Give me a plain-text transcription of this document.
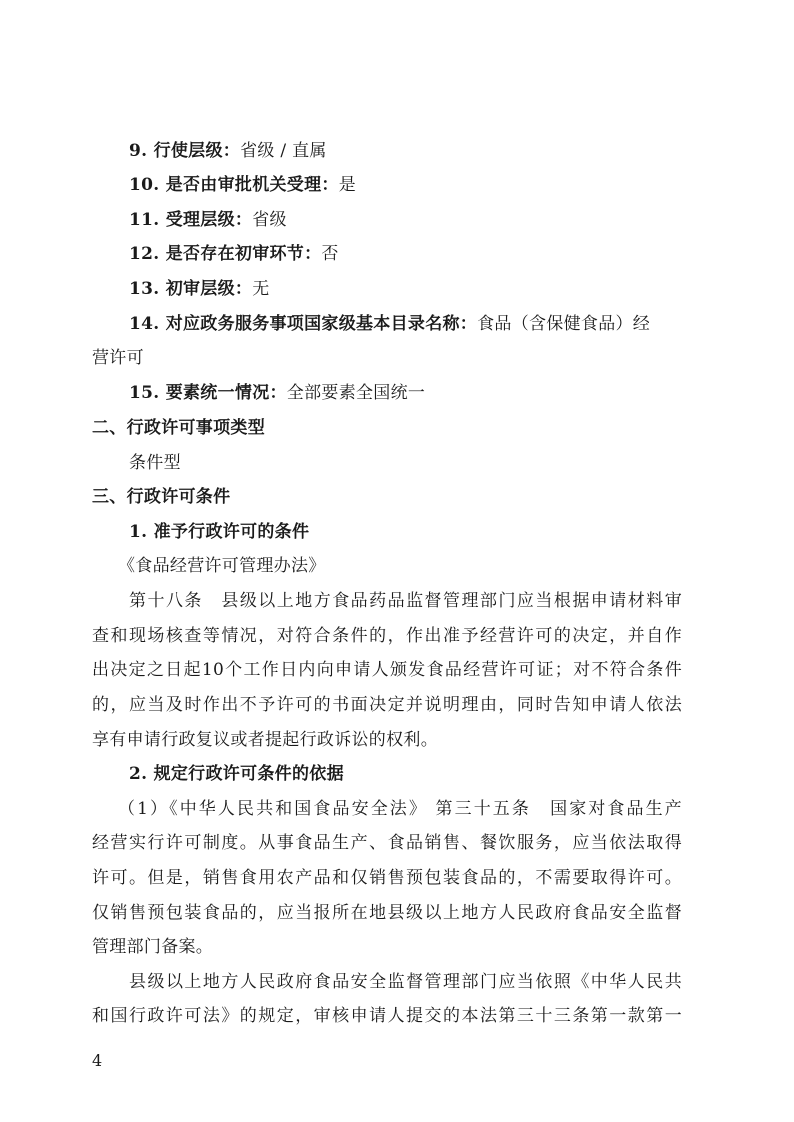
9. 行使层级：省级 / 直属
10. 是否由审批机关受理：是
11. 受理层级：省级
12. 是否存在初审环节：否
13. 初审层级：无
14. 对应政务服务事项国家级基本目录名称：食品（含保健食品）经
营许可
15. 要素统一情况：全部要素全国统一
二、行政许可事项类型
条件型
三、行政许可条件
1. 准予行政许可的条件
《食品经营许可管理办法》
第十八条　县级以上地方食品药品监督管理部门应当根据申请材料审
查和现场核查等情况，对符合条件的，作出准予经营许可的决定，并自作
出决定之日起10个工作日内向申请人颁发食品经营许可证；对不符合条件
的，应当及时作出不予许可的书面决定并说明理由，同时告知申请人依法
享有申请行政复议或者提起行政诉讼的权利。
2. 规定行政许可条件的依据
（1）《中华人民共和国食品安全法》 第三十五条　国家对食品生产
经营实行许可制度。从事食品生产、食品销售、餐饮服务，应当依法取得
许可。但是，销售食用农产品和仅销售预包装食品的，不需要取得许可。
仅销售预包装食品的，应当报所在地县级以上地方人民政府食品安全监督
管理部门备案。
县级以上地方人民政府食品安全监督管理部门应当依照《中华人民共
和国行政许可法》的规定，审核申请人提交的本法第三十三条第一款第一
4
